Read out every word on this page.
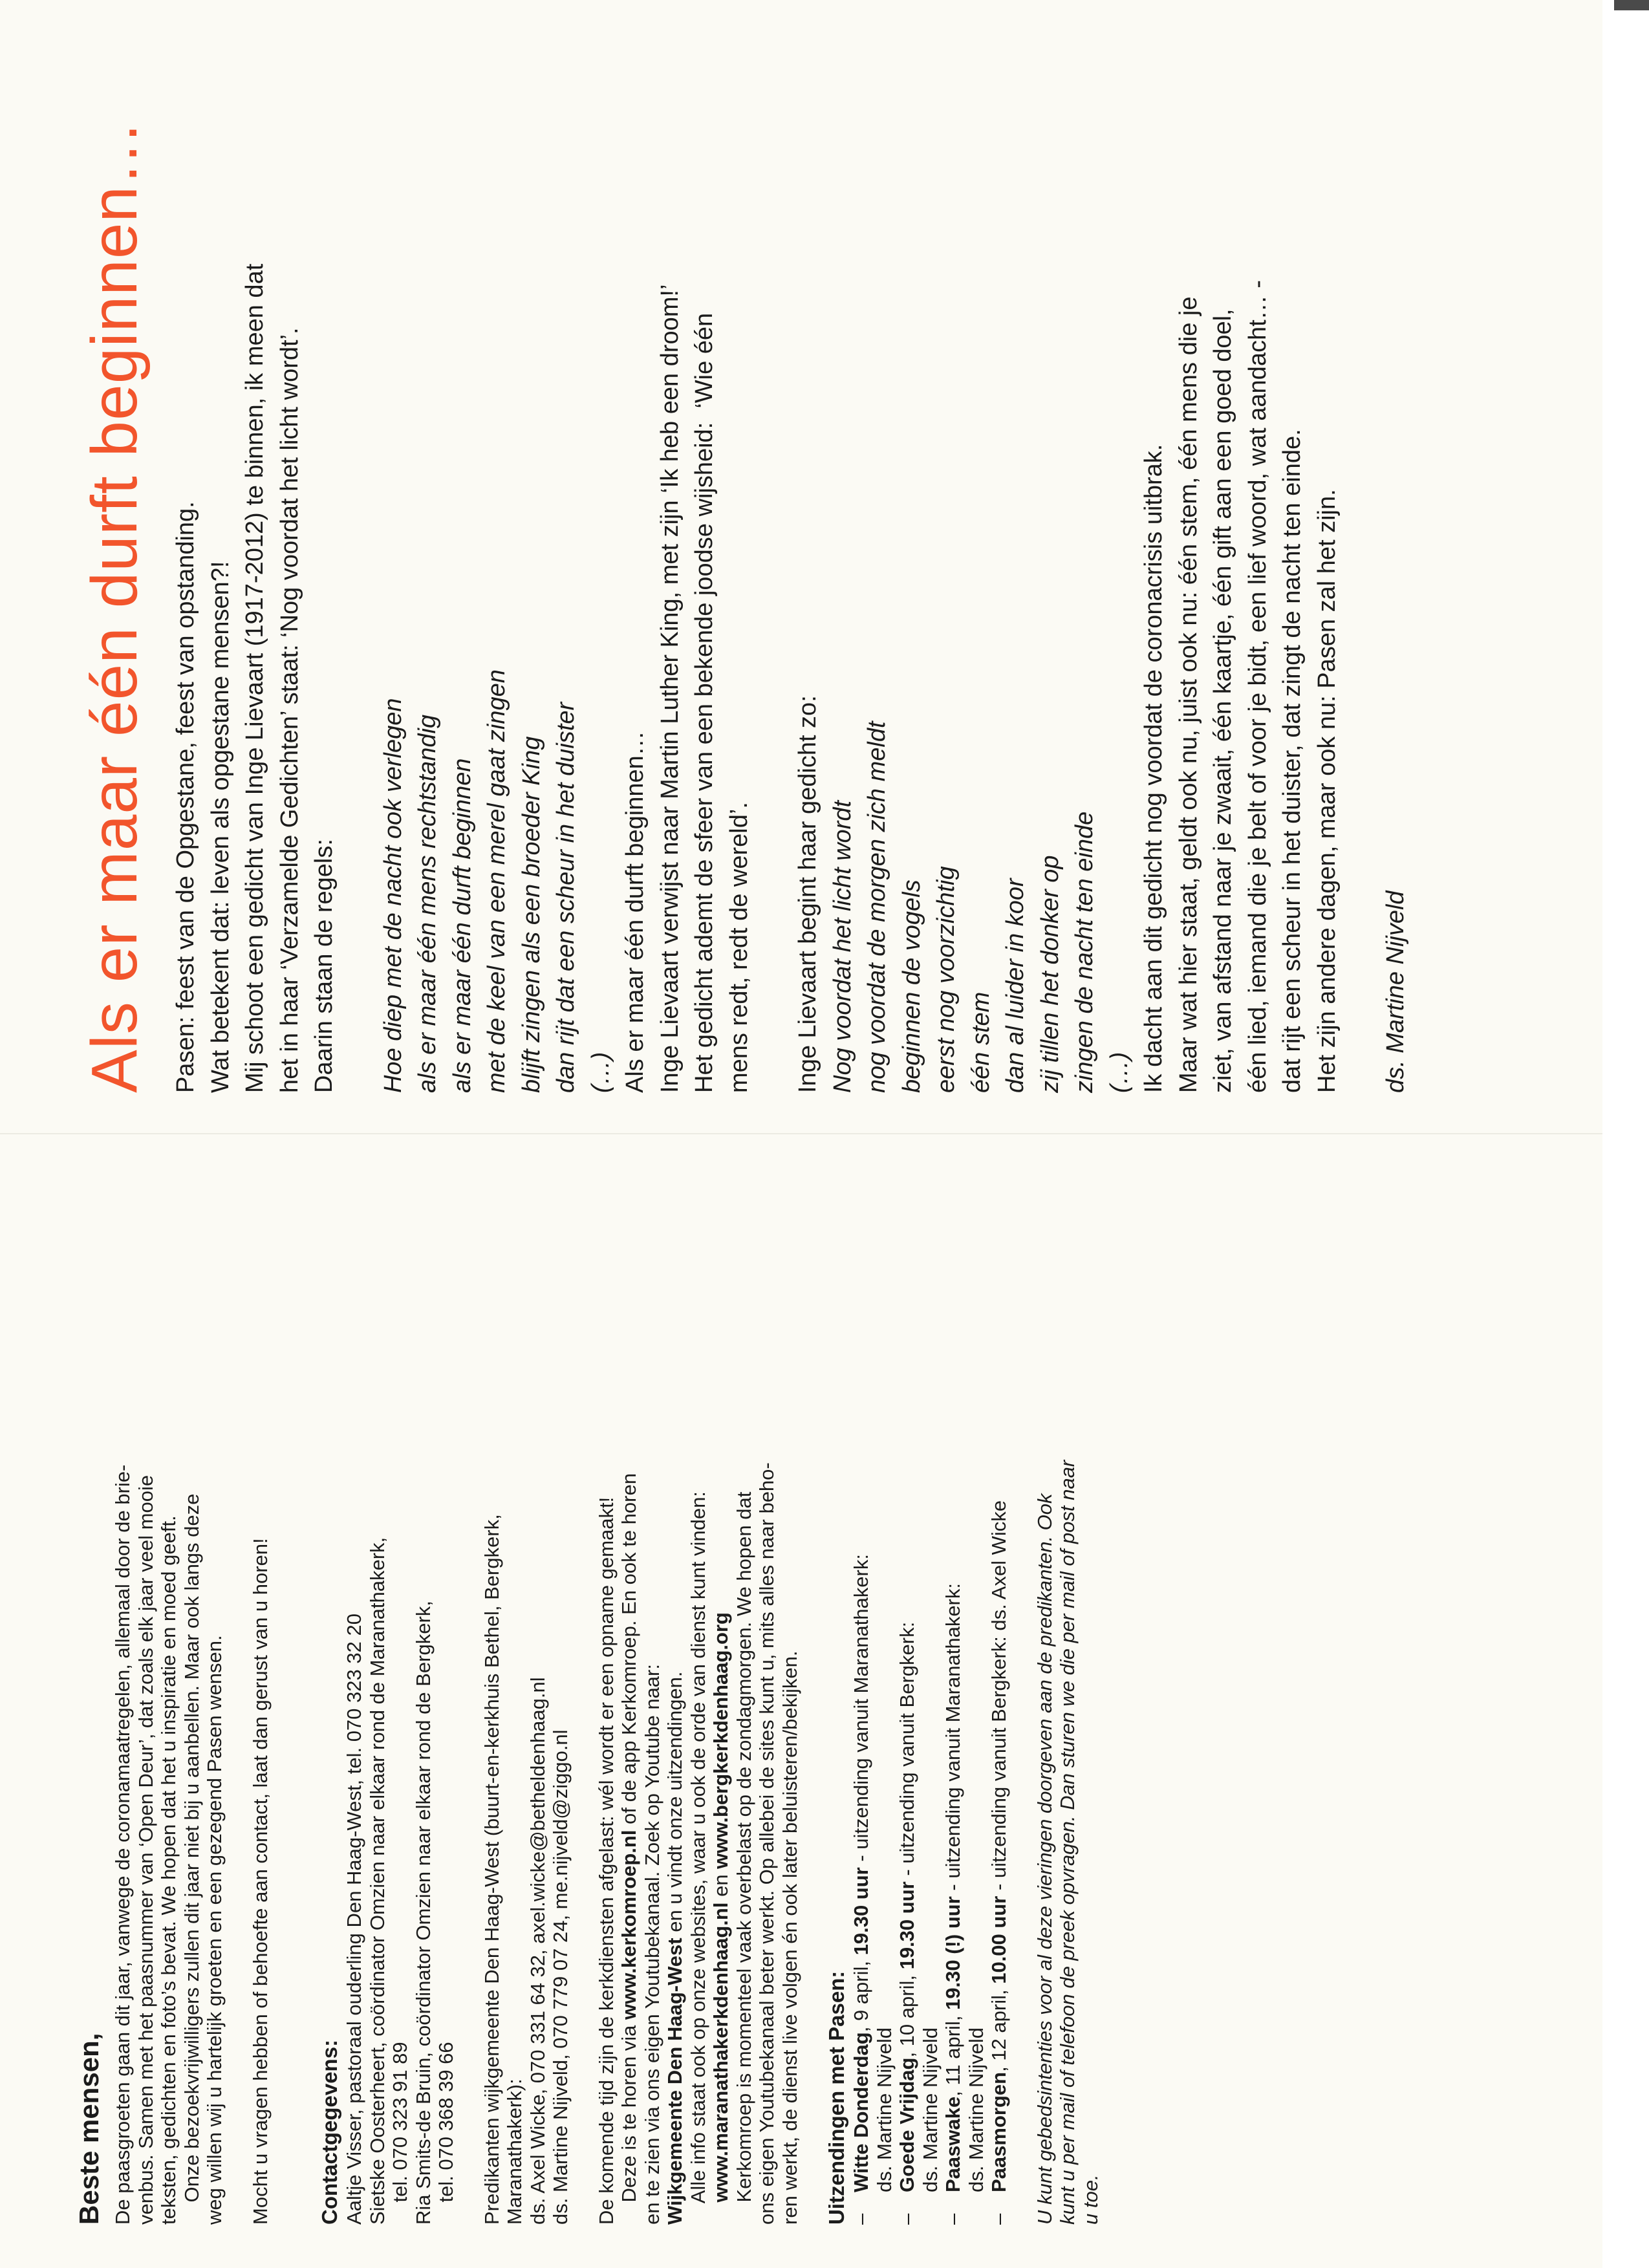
Als er maar één durft beginnen… Pasen: feest van de Opgestane, feest van opstanding. Wat betekent dat: leven als opgestane mensen?! Mij schoot een gedicht van Inge Lievaart (1917-2012) te binnen, ik meen dat het in haar ‘Verzamelde Gedichten’ staat: ‘Nog voordat het licht wordt’. Daarin staan de regels: Hoe diep met de nacht ook verlegen als er maar één mens rechtstandig als er maar één durft beginnen met de keel van een merel gaat zingen blijft zingen als een broeder King dan rijt dat een scheur in het duister (…) Als er maar één durft beginnen… Inge Lievaart verwijst naar Martin Luther King, met zijn ‘Ik heb een droom!’ Het gedicht ademt de sfeer van een bekende joodse wijsheid:  ‘Wie één mens redt, redt de wereld’. Inge Lievaart begint haar gedicht zo: Nog voordat het licht wordt nog voordat de morgen zich meldt beginnen de vogels eerst nog voorzichtig één stem dan al luider in koor zij tillen het donker op zingen de nacht ten einde (…) Ik dacht aan dit gedicht nog voordat de coronacrisis uitbrak. Maar wat hier staat, geldt ook nu, juist ook nu: één stem, één mens die je ziet, van afstand naar je zwaait, één kaartje, één gift aan een goed doel, één lied, iemand die je belt of voor je bidt, een lief woord, wat aandacht… - dat rijt een scheur in het duister, dat zingt de nacht ten einde. Het zijn andere dagen, maar ook nu: Pasen zal het zijn. ds. Martine Nijveld

Beste mensen, De paasgroeten gaan dit jaar, vanwege de coronamaatregelen, allemaal door de brie- venbus. Samen met het paasnummer van ‘Open Deur’, dat zoals elk jaar veel mooie teksten, gedichten en foto’s bevat. We hopen dat het u inspiratie en moed geeft. Onze bezoekvrijwilligers zullen dit jaar niet bij u aanbellen. Maar ook langs deze weg willen wij u hartelijk groeten en een gezegend Pasen wensen. Mocht u vragen hebben of behoefte aan contact, laat dan gerust van u horen! Contactgegevens: Aaltje Visser, pastoraal ouderling Den Haag-West, tel. 070 323 32 20 Sietske Oosterheert, coördinator Omzien naar elkaar rond de Maranathakerk, tel. 070 323 91 89 Ria Smits-de Bruin, coördinator Omzien naar elkaar rond de Bergkerk, tel. 070 368 39 66 Predikanten wijkgemeente Den Haag-West (buurt-en-kerkhuis Bethel, Bergkerk, Maranathakerk): ds. Axel Wicke, 070 331 64 32, axel.wicke@betheldenhaag.nl ds. Martine Nijveld, 070 779 07 24, me.nijveld@ziggo.nl De komende tijd zijn de kerkdiensten afgelast: wél wordt er een opname gemaakt! Deze is te horen via www.kerkomroep.nl of de app Kerkomroep. En ook te horen

en te zien via ons eigen Youtubekanaal. Zoek op Youtube naar: Wijkgemeente Den Haag-West en u vindt onze uitzendingen. Alle info staat ook op onze websites, waar u ook de orde van dienst kunt vinden: www.maranathakerkdenhaag.nl en www.bergkerkdenhaag.org Kerkomroep is momenteel vaak overbelast op de zondagmorgen. We hopen dat ons eigen Youtubekanaal beter werkt. Op allebei de sites kunt u, mits alles naar beho- ren werkt, de dienst live volgen én ook later beluisteren/bekijken. Uitzendingen met Pasen: –

Witte Donderdag, 9 april, 19.30 uur - uitzending vanuit Maranathakerk:

ds. Martine Nijveld

–

Goede Vrijdag, 10 april, 19.30 uur - uitzending vanuit Bergkerk:

ds. Martine Nijveld

–

Paaswake, 11 april, 19.30 (!) uur - uitzending vanuit Maranathakerk:

ds. Martine Nijveld

–

Paasmorgen, 12 april, 10.00 uur - uitzending vanuit Bergkerk: ds. Axel Wicke U kunt gebedsintenties voor al deze vieringen doorgeven aan de predikanten. Ook kunt u per mail of telefoon de preek opvragen. Dan sturen we die per mail of post naar u toe.
